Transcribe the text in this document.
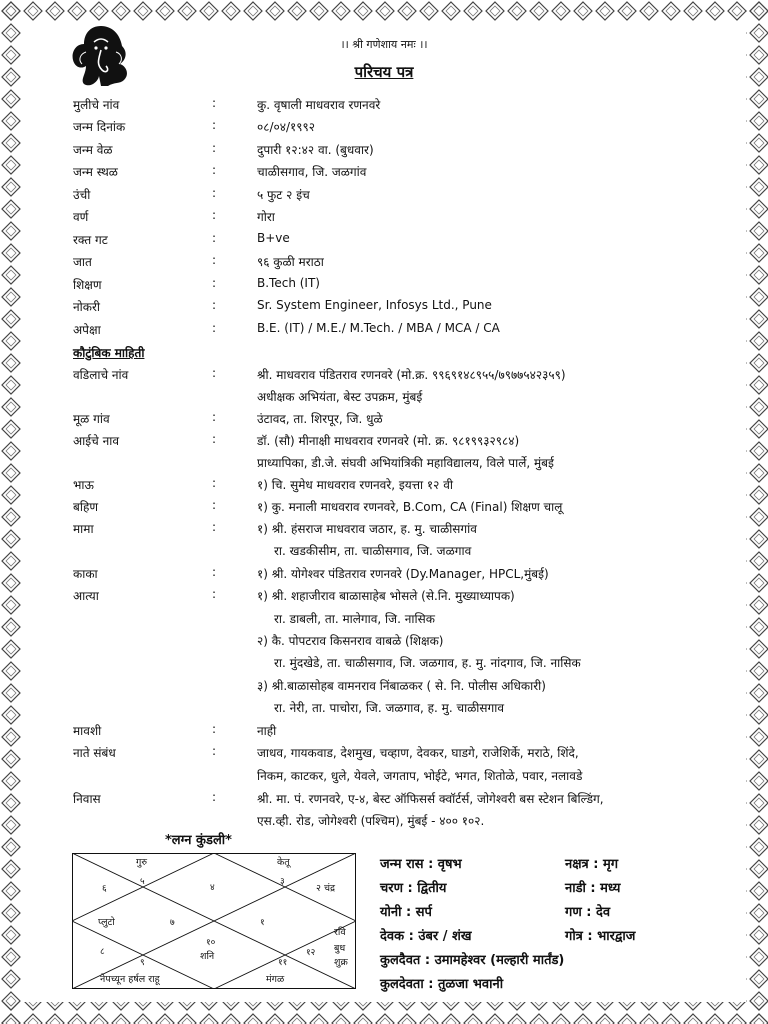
।। श्री गणेशाय नमः ।।
परिचय पत्र
मुलीचे नांव	:	कु. वृषाली माधवराव रणनवरे
जन्म दिनांक	:	०८/०४/१९९२
जन्म वेळ	:	दुपारी १२:४२ वा. (बुधवार)
जन्म स्थळ	:	चाळीसगाव, जि. जळगांव
उंची	:	५ फुट २ इंच
वर्ण	:	गोरा
रक्त गट	:	B+ve
जात	:	९६ कुळी मराठा
शिक्षण	:	B.Tech (IT)
नोकरी	:	Sr. System Engineer, Infosys Ltd., Pune
अपेक्षा	:	B.E. (IT) / M.E./ M.Tech. / MBA / MCA / CA
कौटुंबिक माहिती
वडिलाचे नांव	:	श्री. माधवराव पंडितराव रणनवरे (मो.क्र. ९९६९१४८९५५/७९७७५४२३५९)
अधीक्षक अभियंता, बेस्ट उपक्रम, मुंबई
मूळ गांव	:	उंटावद, ता. शिरपूर, जि. धुळे
आईचे नाव	:	डॉ. (सौ) मीनाक्षी माधवराव रणनवरे (मो. क्र. ९८१९९३२९८४)
प्राध्यापिका, डी.जे. संघवी अभियांत्रिकी महाविद्यालय, विले पार्ले, मुंबई
भाऊ	:	१) चि. सुमेध माधवराव रणनवरे, इयत्ता १२ वी
बहिण	:	१) कु. मनाली माधवराव रणनवरे, B.Com, CA (Final) शिक्षण चालू
मामा	:	१) श्री. हंसराज माधवराव जठार, ह. मु. चाळीसगांव
रा. खडकीसीम, ता. चाळीसगाव, जि. जळगाव
काका	:	१) श्री. योगेश्वर पंडितराव रणनवरे (Dy.Manager, HPCL,मुंबई)
आत्या	:	१) श्री. शहाजीराव बाळासाहेब भोसले (से.नि. मुख्याध्यापक)
रा. डाबली, ता. मालेगाव, जि. नासिक
२) कै. पोपटराव किसनराव वाबळे (शिक्षक)
रा. मुंदखेडे, ता. चाळीसगाव, जि. जळगाव, ह. मु. नांदगाव, जि. नासिक
३) श्री.बाळासोहब वामनराव निंबाळकर ( से. नि. पोलीस अधिकारी)
रा. नेरी, ता. पाचोरा, जि. जळगाव, ह. मु. चाळीसगाव
मावशी	:	नाही
नाते संबंध	:	जाधव, गायकवाड, देशमुख, चव्हाण, देवकर, घाडगे, राजेशिर्के, मराठे, शिंदे,
निकम, काटकर, धुले, येवले, जगताप, भोईटे, भगत, शितोळे, पवार, नलावडे
निवास	:	श्री. मा. पं. रणनवरे, ए-४, बेस्ट ऑफिसर्स क्वॉर्टर्स, जोगेश्वरी बस स्टेशन बिल्डिंग,
एस.व्ही. रोड, जोगेश्वरी (पश्चिम), मुंबई - ४०० १०२.
*लग्न कुंडली*
४
५
६
७
८
९
१०
११
१२
१
३
गुरु	केतू
२ चंद्र
प्लुटो
रवि
बुध
शुक्र
शनि
मंगळ
नेपच्यून हर्षल राहू
जन्म रास : वृषभ	नक्षत्र : मृग
चरण : द्वितीय	नाडी : मध्य
योनी : सर्प	गण : देव
देवक : उंबर / शंख	गोत्र : भारद्वाज
कुलदैवत : उमामहेश्वर (मल्हारी मार्तंड)
कुलदेवता : तुळजा भवानी
